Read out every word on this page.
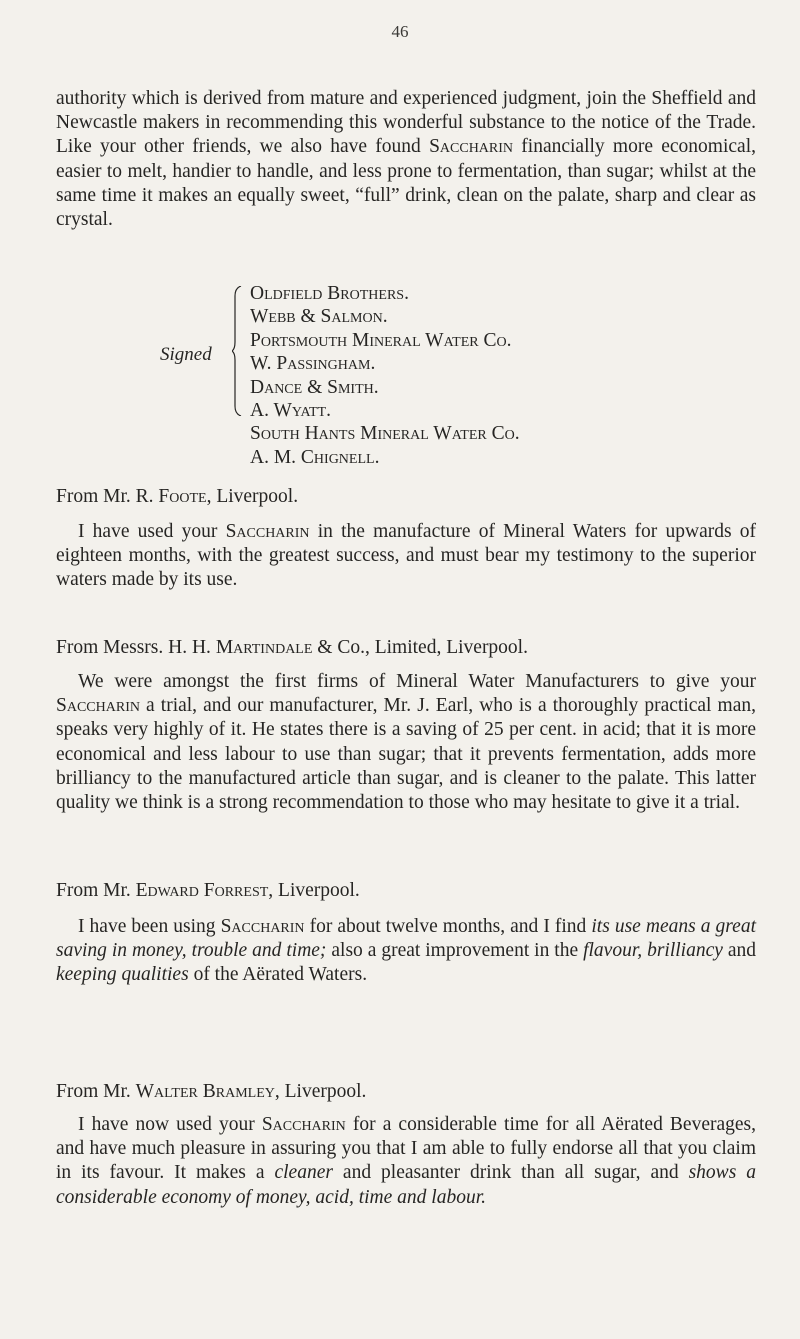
46

authority which is derived from mature and experienced judgment, join the Sheffield and Newcastle makers in recommending this wonderful substance to the notice of the Trade. Like your other friends, we also have found Saccharin financially more economical, easier to melt, handier to handle, and less prone to fermentation, than sugar; whilst at the same time it makes an equally sweet, “full” drink, clean on the palate, sharp and clear as crystal.

Signed
Oldfield Brothers.
Webb & Salmon.
Portsmouth Mineral Water Co.
W. Passingham.
Dance & Smith.
A. Wyatt.
South Hants Mineral Water Co.
A. M. Chignell.
From Mr. R. Foote, Liverpool.

I have used your Saccharin in the manufacture of Mineral Waters for upwards of eighteen months, with the greatest success, and must bear my testimony to the superior waters made by its use.

From Messrs. H. H. Martindale & Co., Limited, Liverpool.

We were amongst the first firms of Mineral Water Manufacturers to give your Saccharin a trial, and our manufacturer, Mr. J. Earl, who is a thoroughly practical man, speaks very highly of it. He states there is a saving of 25 per cent. in acid; that it is more economical and less labour to use than sugar; that it prevents fermentation, adds more brilliancy to the manufactured article than sugar, and is cleaner to the palate. This latter quality we think is a strong recommendation to those who may hesitate to give it a trial.

From Mr. Edward Forrest, Liverpool.

I have been using Saccharin for about twelve months, and I find its use means a great saving in money, trouble and time; also a great improvement in the flavour, brilliancy and keeping qualities of the Aërated Waters.

From Mr. Walter Bramley, Liverpool.

I have now used your Saccharin for a considerable time for all Aërated Beverages, and have much pleasure in assuring you that I am able to fully endorse all that you claim in its favour. It makes a cleaner and pleasanter drink than all sugar, and shows a considerable economy of money, acid, time and labour.
